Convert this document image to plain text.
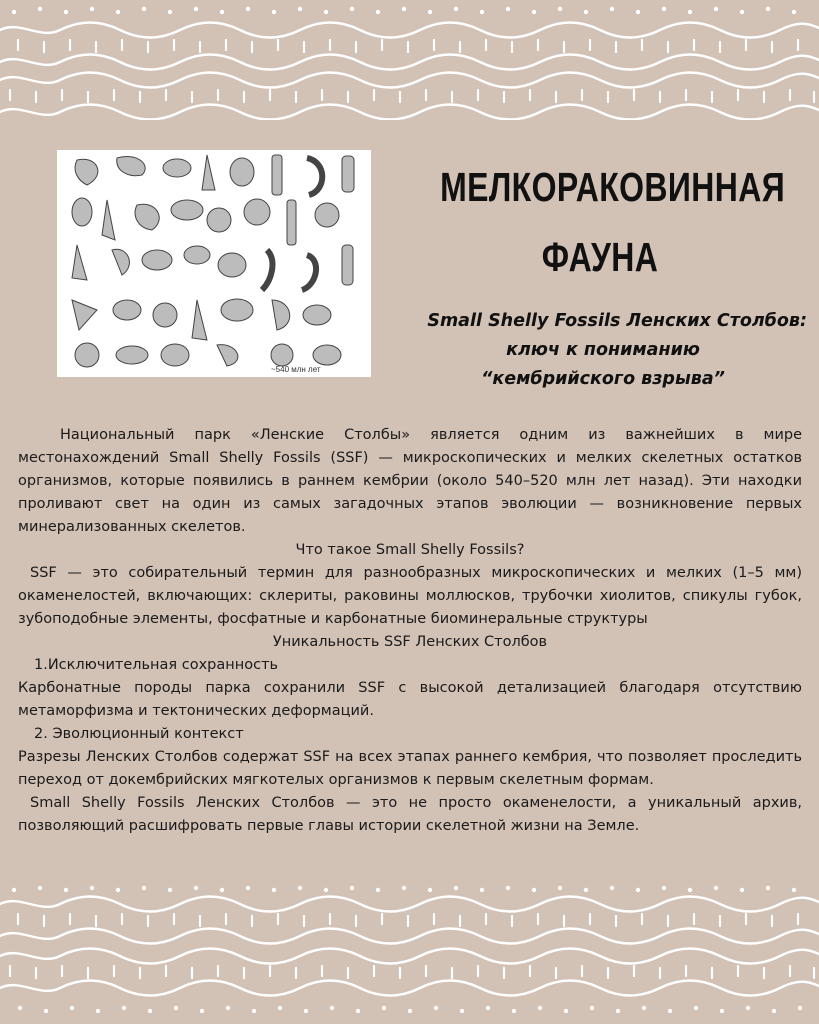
~540 млн лет
МЕЛКОРАКОВИННАЯ
ФАУНА
Small Shelly Fossils Ленских Столбов:
ключ к пониманию
“кембрийского взрыва”

Национальный парк «Ленские Столбы» является одним из важнейших в мире местонахождений Small Shelly Fossils (SSF) — микроскопических и мелких скелетных остатков организмов, которые появились в раннем кембрии (около 540–520 млн лет назад). Эти находки проливают свет на один из самых загадочных этапов эволюции — возникновение первых минерализованных скелетов.

Что такое Small Shelly Fossils?

SSF — это собирательный термин для разнообразных микроскопических и мелких (1–5 мм) окаменелостей, включающих: склериты, раковины моллюсков, трубочки хиолитов, спикулы губок, зубоподобные элементы, фосфатные и карбонатные биоминеральные структуры

Уникальность SSF Ленских Столбов

1.Исключительная сохранность

Карбонатные породы парка сохранили SSF с высокой детализацией благодаря отсутствию метаморфизма и тектонических деформаций.

2. Эволюционный контекст

Разрезы Ленских Столбов содержат SSF на всех этапах раннего кембрия, что позволяет проследить переход от докембрийских мягкотелых организмов к первым скелетным формам.

Small Shelly Fossils Ленских Столбов — это не просто окаменелости, а уникальный архив, позволяющий расшифровать первые главы истории скелетной жизни на Земле.
